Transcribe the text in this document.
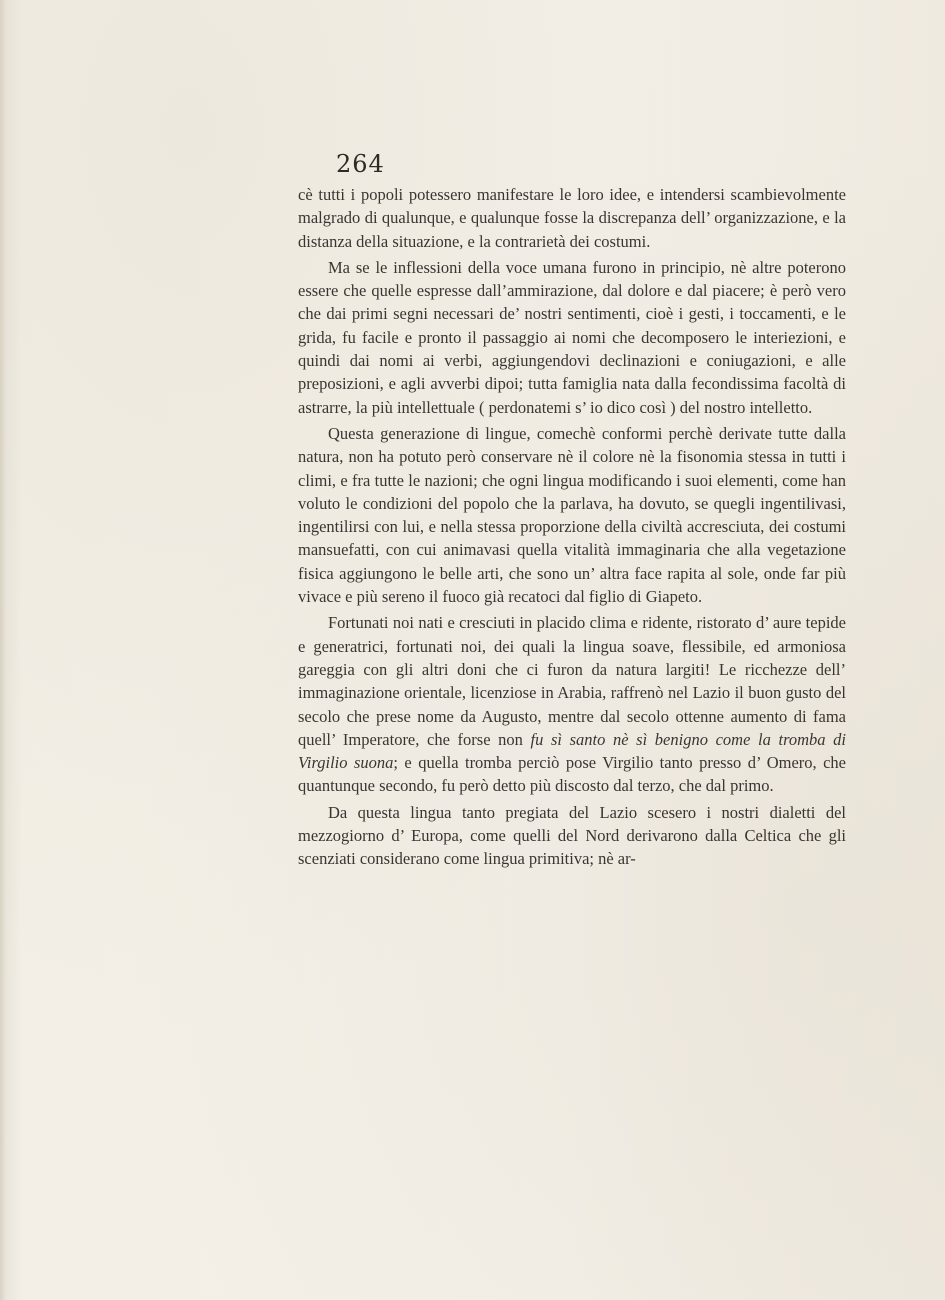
264

cè tutti i popoli potessero manifestare le loro idee, e intendersi scambievolmente malgrado di qualunque, e qualunque fosse la discrepanza dell’ organizzazione, e la distanza della situazione, e la contrarietà dei costumi.

Ma se le inflessioni della voce umana furono in principio, nè altre poterono essere che quelle espresse dall’ammirazione, dal dolore e dal piacere; è però vero che dai primi segni necessari de’ nostri sentimenti, cioè i gesti, i toccamenti, e le grida, fu facile e pronto il passaggio ai nomi che decomposero le interiezioni, e quindi dai nomi ai verbi, aggiungendovi declinazioni e coniugazioni, e alle preposizioni, e agli avverbi dipoi; tutta famiglia nata dalla fecondissima facoltà di astrarre, la più intellettuale ( perdonatemi s’ io dico così ) del nostro intelletto.

Questa generazione di lingue, comechè conformi perchè derivate tutte dalla natura, non ha potuto però conservare nè il colore nè la fisonomia stessa in tutti i climi, e fra tutte le nazioni; che ogni lingua modificando i suoi elementi, come han voluto le condizioni del popolo che la parlava, ha dovuto, se quegli ingentilivasi, ingentilirsi con lui, e nella stessa proporzione della civiltà accresciuta, dei costumi mansuefatti, con cui animavasi quella vitalità immaginaria che alla vegetazione fisica aggiungono le belle arti, che sono un’ altra face rapita al sole, onde far più vivace e più sereno il fuoco già recatoci dal figlio di Giapeto.

Fortunati noi nati e cresciuti in placido clima e ridente, ristorato d’ aure tepide e generatrici, fortunati noi, dei quali la lingua soave, flessibile, ed armoniosa gareggia con gli altri doni che ci furon da natura largiti! Le ricchezze dell’ immaginazione orientale, licenziose in Arabia, raffrenò nel Lazio il buon gusto del secolo che prese nome da Augusto, mentre dal secolo ottenne aumento di fama quell’ Imperatore, che forse non fu sì santo nè sì benigno come la tromba di Virgilio suona; e quella tromba perciò pose Virgilio tanto presso d’ Omero, che quantunque secondo, fu però detto più discosto dal terzo, che dal primo.

Da questa lingua tanto pregiata del Lazio scesero i nostri dialetti del mezzogiorno d’ Europa, come quelli del Nord derivarono dalla Celtica che gli scenziati considerano come lingua primitiva; nè ar-
